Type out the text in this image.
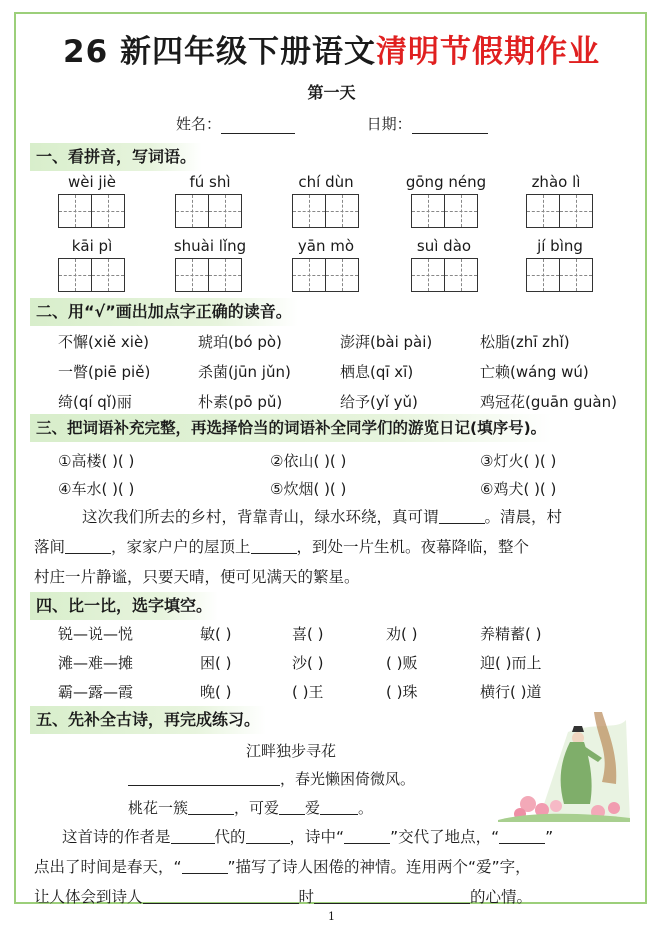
26 新四年级下册语文清明节假期作业
第一天
姓名：	日期：
一、看拼音，写词语。
wèi jiè	fú shì	chí dùn	gōng néng	zhào lì
kāi pì	shuài lǐng	yān mò	suì dào	jí bìng
二、用“√”画出加点字正确的读音。
不懈(xiě xiè)	琥珀(bó pò)	澎湃(bài pài)	松脂(zhī zhǐ)
一瞥(piē piě)	杀菌(jūn jǔn)	栖息(qī xī)	亡赖(wáng wú)
绮(qí qǐ)丽	朴素(pō pǔ)	给予(yǐ yǔ)	鸡冠花(guān guàn)
三、把词语补充完整，再选择恰当的词语补全同学们的游览日记(填序号)。
①高楼( )( )	②依山( )( )	③灯火( )( )
④车水( )( )	⑤炊烟( )( )	⑥鸡犬( )( )
这次我们所去的乡村，背靠青山，绿水环绕，真可谓	。清晨，村
落间	，家家户户的屋顶上	，到处一片生机。夜幕降临，整个
村庄一片静谧，只要天晴，便可见满天的繁星。
四、比一比，选字填空。
锐—说—悦	敏( )	喜( )	劝( )	养精蓄( )
滩—难—摊	困( )	沙( )	( )贩	迎( )而上
霸—露—霞	晚( )	( )王	( )珠	横行( )道
五、先补全古诗，再完成练习。
江畔独步寻花
，春光懒困倚微风。
桃花一簇	，可爱 爱	。
这首诗的作者是	代的	，诗中“	”交代了地点，“	”
点出了时间是春天，“	”描写了诗人困倦的神情。连用两个“爱”字，
让人体会到诗人	时	的心情。
1
